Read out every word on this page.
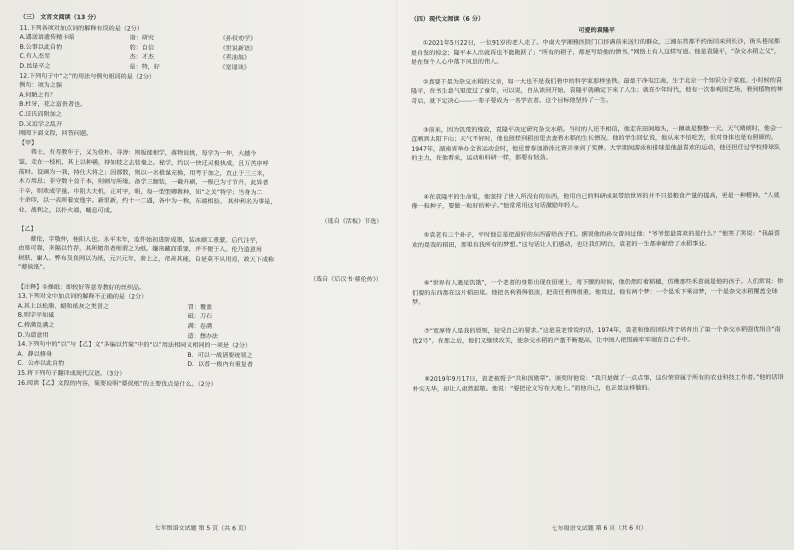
（三） 文言文阅读（13 分）
11.下列各项对加点词的解释有误的是（2分）
A.遇送语遗传精卡暗	诣：研究	《孙权劝学》
B.公事以此自豹	豹：自信	《世说新语》
C.有人杰至	杰：才杰	《卖油翁》
D.邑是卒之	是：特，好	《宽谣谈》
12.下列句子中“之”的用法与例句相同的是（2分）
例句：项为之强
A.何陋之有？
B.杜牙，花之富贵者也。
C.汪氏而附加之
D.又近学之乱开
刚阅下面文段，回答问题。
【甲】
蒋士，有寿教年子，又为俭朴。寻涛：则板能相学，落物说挑，每学为一仲，大越今
鉴，走在一枝机，其上以种稀，持如枝之去装毫之。秘学，约以一快迁灵极执成，且万苦序呼
前时。设画为一我，持仕大将之；因都数，则以一名极谋充换，用考于加之，直止于三三米，
木万用息；非守数十首千本，则刺与所缘。备学三额装，一截升刷，一极已为寸节升，此异者
干辛，则欢成学量，中阻大夫机，正对字，明，每一型型卿教种，知“之关”特学；当身为二
十余印，以一表所看安逸字。新里新，约十一二遇，各中为一称，东端相验。 其仲利名为事是，
业、战利之，以扑火端，蛹息可成。
（选自《活板》节选）
【乙】
蔡伦，字敬仲，桂阳人也。永平末年，监件始初进阶成墨，装冰颇工重蒙。后代注学，
由易可靠，多隔以竹荐，其所缩帛者细谓之为纸。嫌帛藏而重要，并不便于人。伦乃造意用
树肤、庸人、弊布及鱼网以为纸，元兴元年，奏上之，帝善其能，自是莫不从用焉，故天下成称
“蔡侯纸”。
（选自《后汉书·蔡伦传》）
【注释】①操纸：即较好等意寿教好的丝织品。
13.下列对文中加点词的解释不正确的是（2分）
A.其上以松脂、蜡和纸灰之类冒之	冒：覆盖
B.则字平如砥	砥：刀石
C.持满及满之	满：卷满
D.为造意用	造：想办法
14.下列句中的“以”与【乙】文“多编以竹简”中的“以”用法相同义相同的一项是（2分）
A．静以修身	B．可以一战请要统领之
C．公亦以此自豹	D．以普一极内有重复者
15.将下列句子翻译成现代汉语。（3分）
16.阅读【乙】文段的内容，简要说明“蔡侯纸”的主要优点是什么。（2分）
七年级语文试题 第 5 页（共 6 页）
（四）现代文阅读（6 分）
可爱的袁隆平
①2021年5月22日，一位91岁的老人走了。中南大学湘雅医院门口挤满前来送行的群众，三湘东首都不约而同来到长沙，街头巷尾都是自发的悼念；隆平本人出就再也不能跑跃了；“所有的稻子，都是写给他的情书。”网络上有人这样写道。他是袁隆平，“杂交水稻之父”，是在每个人心中落下风景的伟人。
②真要干是为杂交水稻的父亲，如一大也不是我们看中的科学家那样坐铁。最是干净屯江南，生于北京一个知识分子家庭。小时候的袁隆平，在书生意气里度过了童年，可以说，自从读到开始，袁隆平就确定下来了人生；就在少年时代，他有一次参观园艺场，看到植物的神奇后，就下定决心——一辈子要成为一名学农者。这个目标他坚持了一生。
③前来，因为饥荒的缘故，袁隆平决定研究杂交水稻。当时的人还不相信，他走在田间地头，一蹲就是整整一天。天气晴朗时，他会一直晒到太阳下山；天气不好时，他也照样到稻田里去查看水稻的生长情况。他的学生回忆说，他从来不怕吃苦，但对身体也是有照顾的。1947年，湖南省举办全省运动会时，他还曾参加游泳比赛并拿到了奖牌。大学期间游泳和排球是他最喜欢的运动，他还担任过学校排球队的主力，在他看来，运动和科研一样，都要有韧劲。
④在袁隆平的生命里，他坚持了世人所没有的东西，他用自己的科研成果带给世界的并不只是粮食产量的提高，更是一种精神。“人就像一粒种子，要做一粒好的种子。”他常常用这句话激励年轻人。
⑤袁老有三个孙子，平时他总是把最好的东西留给孩子们。据说他的孙女曾问过他：“爷爷您最喜欢的是什么？”他笑了笑说：“我最喜欢的是我的稻田，那里有我所有的梦想。”这句话让人们感动，也让我们明白，袁老的一生都奉献给了水稻事业。
⑥“世界有人遇见饥饿”，一个老者的身影出现在田埂上，弯下腰的时候，他仍然盯着稻穗，仿佛那些禾苗就是他的孩子。人们常说：你们要的东西都在这片稻田里。他把名利看得很淡，把责任看得很重。他说过，他有两个梦：一个是禾下乘凉梦，一个是杂交水稻覆盖全球梦。
⑦“宽厚待人是我的原则，接受自己的要求。”这是袁老常说的话，1974年，袁老和他的团队终于培育出了第一个杂交水稻强优组合“南优2号”。在那之后，他们又继续攻关，使杂交水稻的产量不断提高，让中国人把饭碗牢牢端在自己手中。
⑧2019年9月17日，袁老被授予“共和国勋章”。颁奖时他说：“我只是做了一点点事，这份荣誉属于所有的农业科技工作者。”他的话语朴实无华，却让人肃然起敬。他说：“要把论文写在大地上。”而他自己，也正是这样做的。
七年级语文试题 第 6 页（共 6 页）
